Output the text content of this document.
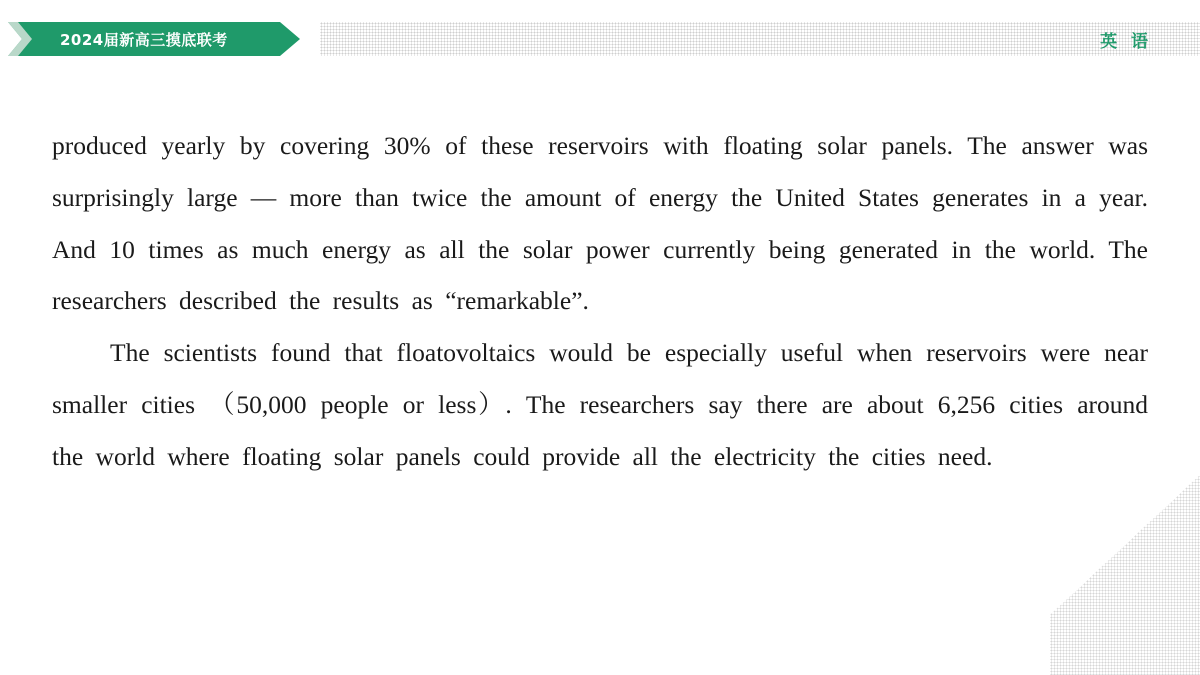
2024届新高三摸底联考	英 语

produced yearly by covering 30% of these reservoirs with floating solar panels. The answer was surprisingly large — more than twice the amount of energy the United States generates in a year. And 10 times as much energy as all the solar power currently being generated in the world. The researchers described the results as “remarkable”.

The scientists found that floatovoltaics would be especially useful when reservoirs were near smaller cities （50,000 people or less）. The researchers say there are about 6,256 cities around the world where floating solar panels could provide all the electricity the cities need.
